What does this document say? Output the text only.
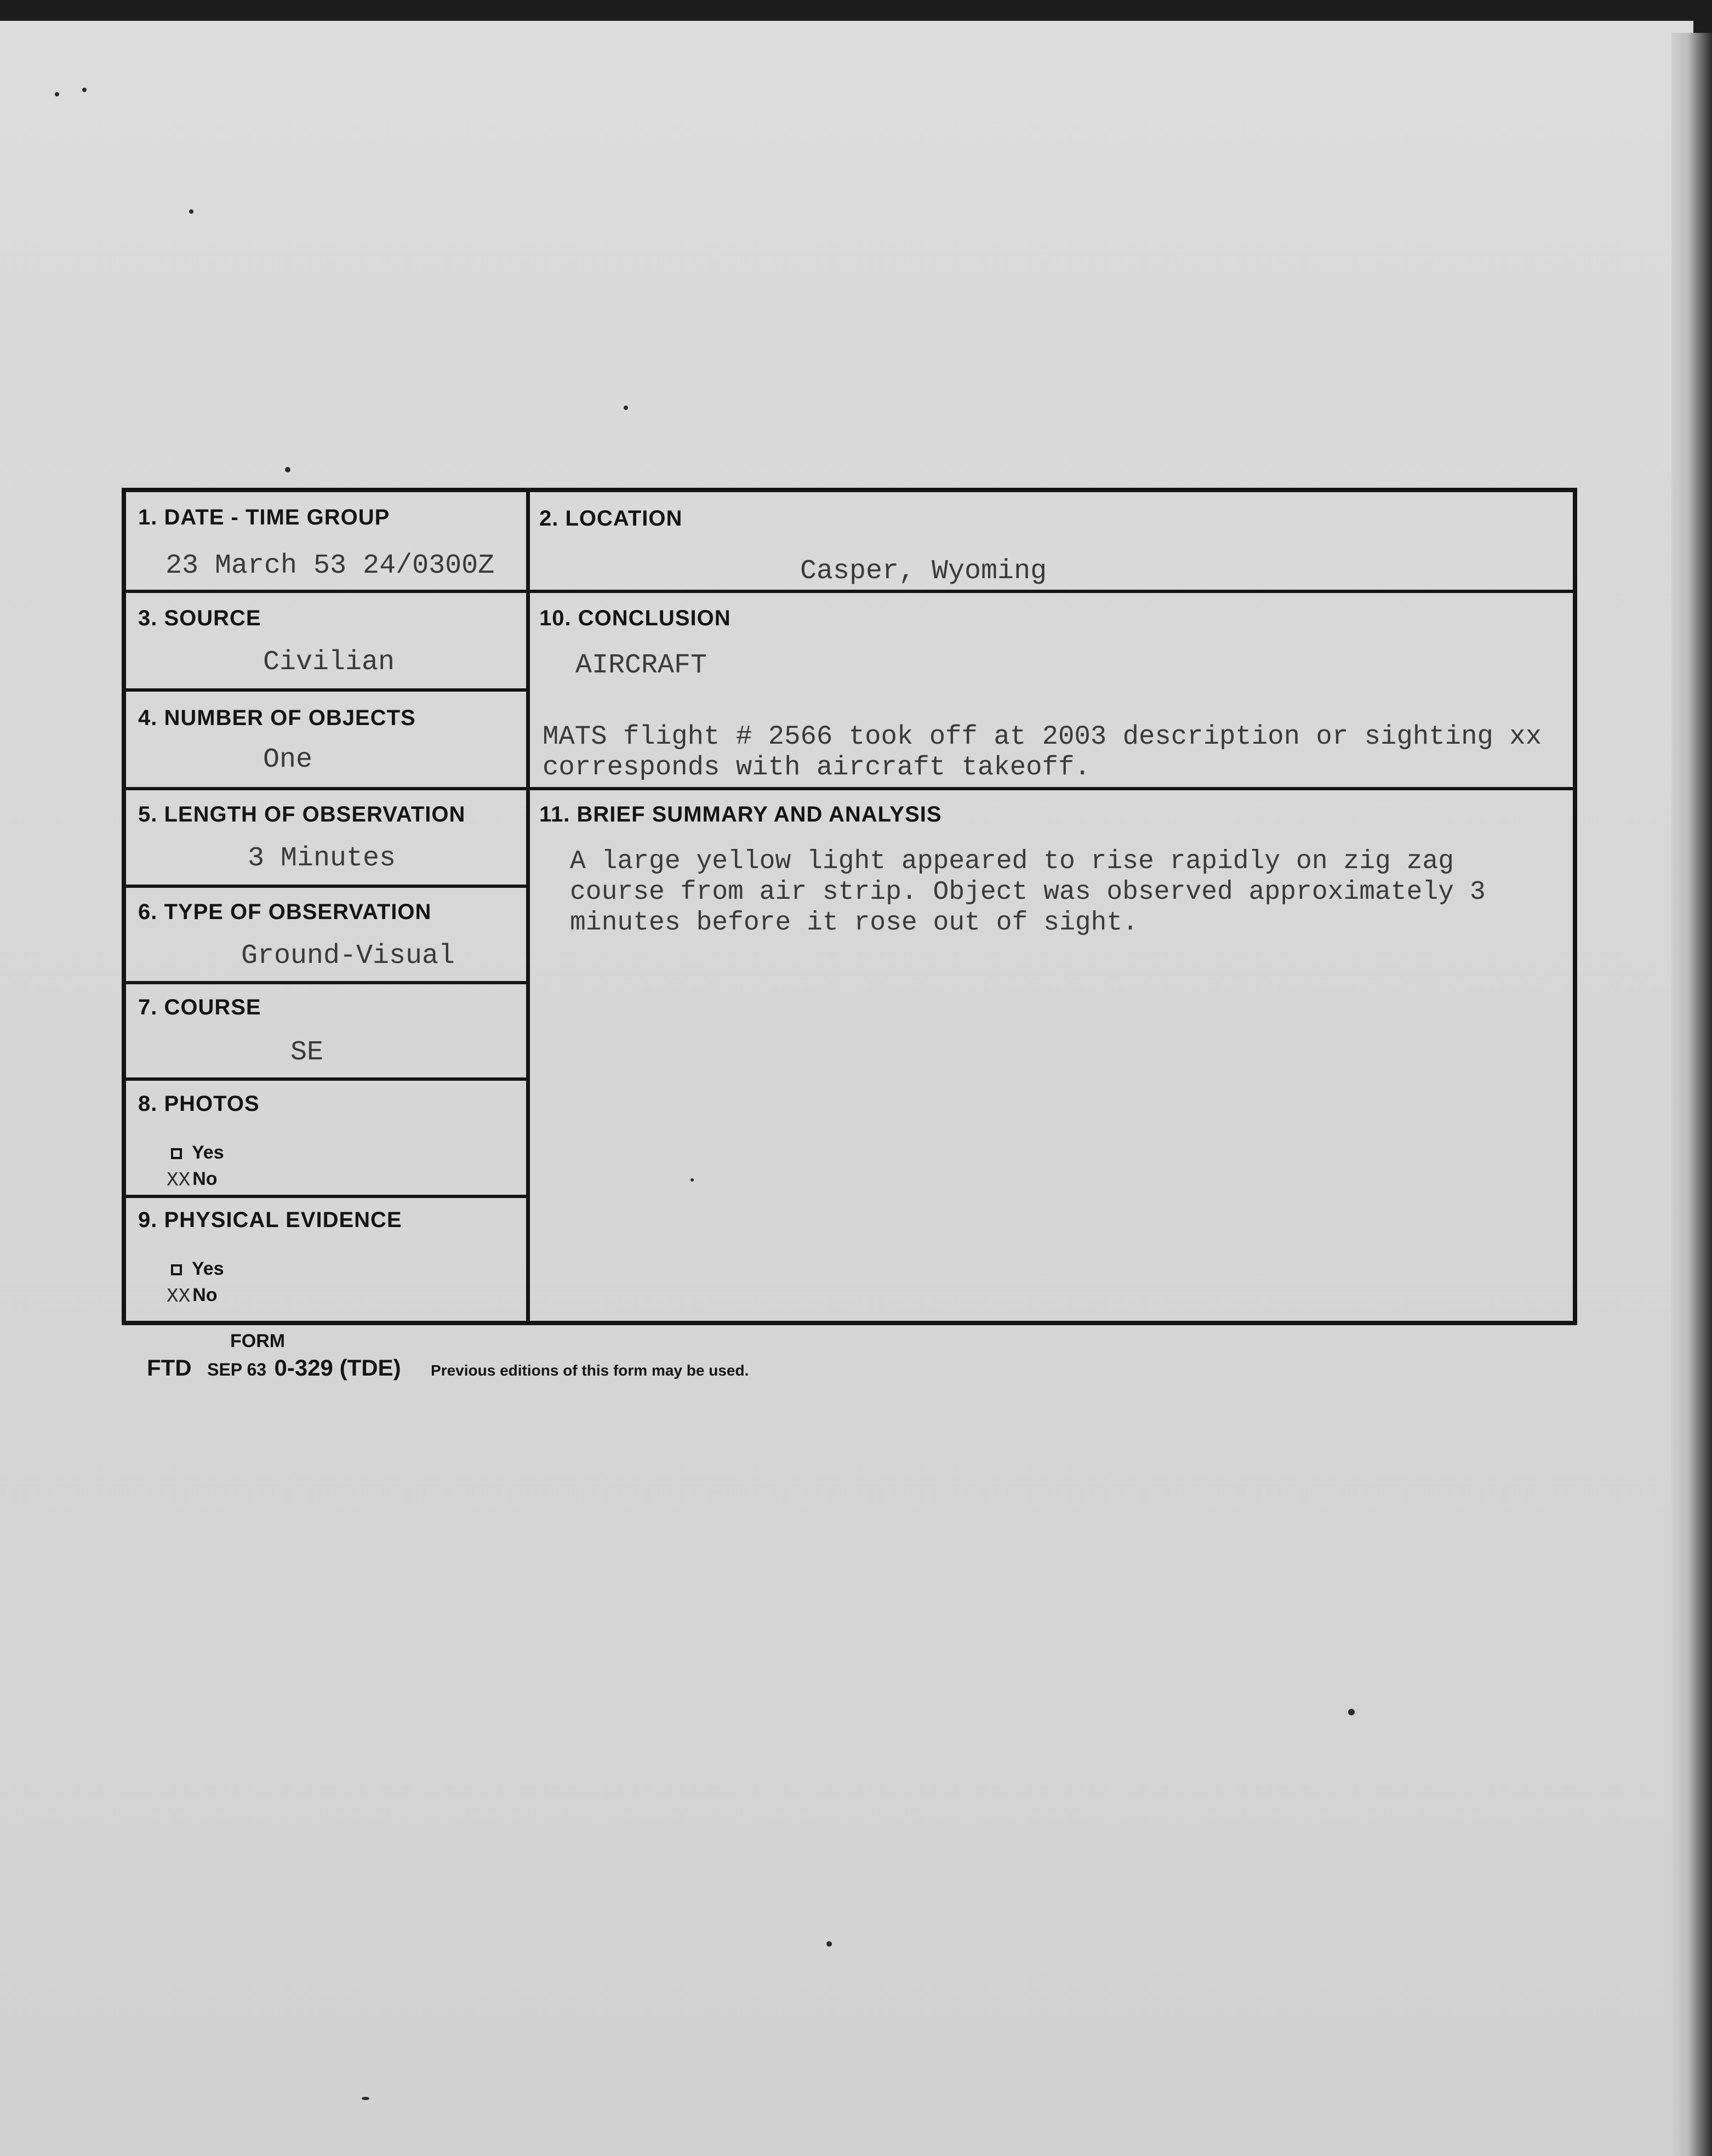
1. DATE - TIME GROUP
23 March 53 24/0300Z
2. LOCATION
Casper, Wyoming
3. SOURCE
Civilian
10. CONCLUSION
AIRCRAFT
MATS flight # 2566 took off at 2003 description or sighting xx
corresponds with aircraft takeoff.
4. NUMBER OF OBJECTS
One
5. LENGTH OF OBSERVATION
3 Minutes
11. BRIEF SUMMARY AND ANALYSIS
A large yellow light appeared to rise rapidly on zig zag
course from air strip. Object was observed approximately 3
minutes before it rose out of sight.
6. TYPE OF OBSERVATION
Ground-Visual
7. COURSE
SE
8. PHOTOS
Yes
XX No
9. PHYSICAL EVIDENCE
Yes
XX No
FORM
FTD SEP 63 0-329 (TDE) Previous editions of this form may be used.
